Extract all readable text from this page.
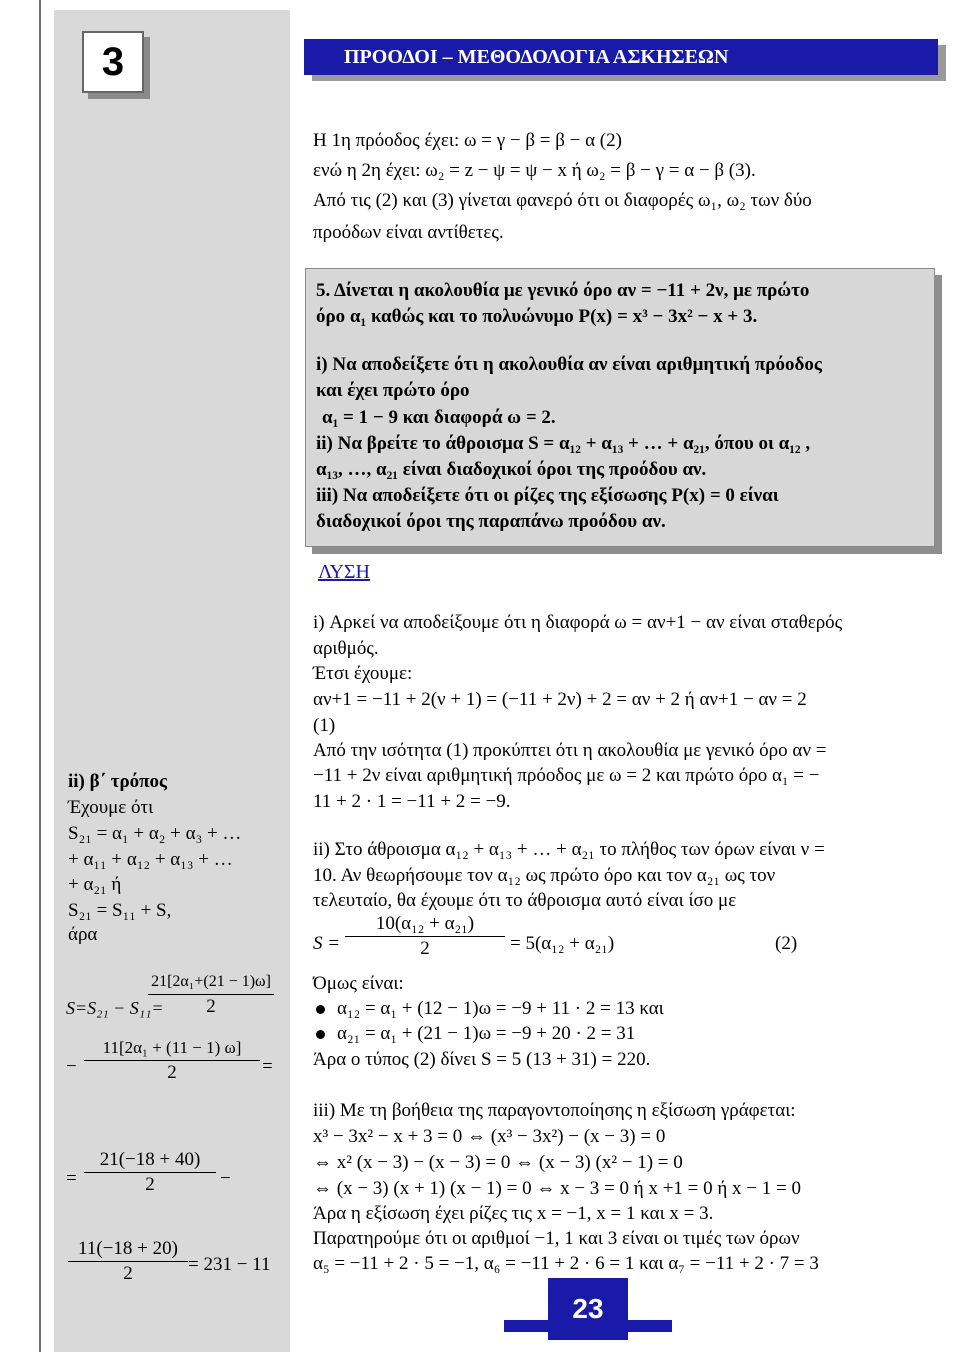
3	ΠΡΟΟΔΟΙ – ΜΕΘΟΔΟΛΟΓΙΑ ΑΣΚΗΣΕΩΝ
Η 1η πρόοδος έχει: ω = γ − β = β − α (2)
ενώ η 2η έχει: ω₂ = z − ψ = ψ − x ή ω₂ = β − γ = α − β (3).
Από τις (2) και (3) γίνεται φανερό ότι οι διαφορές ω₁, ω₂ των δύο
προόδων είναι αντίθετες.
5. Δίνεται η ακολουθία με γενικό όρο αν = −11 + 2ν, με πρώτο
όρο α₁ καθώς και το πολυώνυμο P(x) = x³ − 3x² − x + 3.
i) Να αποδείξετε ότι η ακολουθία αν είναι αριθμητική πρόοδος
και έχει πρώτο όρο
α₁ = 1 − 9 και διαφορά ω = 2.
ii) Να βρείτε το άθροισμα S = α₁₂ + α₁₃ + … + α₂₁, όπου οι α₁₂ ,
α₁₃, …, α₂₁ είναι διαδοχικοί όροι της προόδου αν.
iii) Να αποδείξετε ότι οι ρίζες της εξίσωσης P(x) = 0 είναι
διαδοχικοί όροι της παραπάνω προόδου αν.
ΛΥΣΗ
i) Αρκεί να αποδείξουμε ότι η διαφορά ω = αν+1 − αν είναι σταθερός
αριθμός.
Έτσι έχουμε:
αν+1 = −11 + 2(ν + 1) = (−11 + 2ν) + 2 = αν + 2 ή αν+1 − αν = 2
(1)
Από την ισότητα (1) προκύπτει ότι η ακολουθία με γενικό όρο αν =
−11 + 2ν είναι αριθμητική πρόοδος με ω = 2 και πρώτο όρο α₁ = −
11 + 2 · 1 = −11 + 2 = −9.
ii) Στο άθροισμα α₁₂ + α₁₃ + … + α₂₁ το πλήθος των όρων είναι ν =
10. Αν θεωρήσουμε τον α₁₂ ως πρώτο όρο και τον α₂₁ ως τον
τελευταίο, θα έχουμε ότι το άθροισμα αυτό είναι ίσο με
S =
10(α₁₂ + α₂₁)
2	= 5(α₁₂ + α₂₁)	(2)
Όμως είναι:
α₁₂ = α₁ + (12 − 1)ω = −9 + 11 · 2 = 13 και
α₂₁ = α₁ + (21 − 1)ω = −9 + 20 · 2 = 31
Άρα ο τύπος (2) δίνει S = 5 (13 + 31) = 220.
iii) Με τη βοήθεια της παραγοντοποίησης η εξίσωση γράφεται:
x³ − 3x² − x + 3 = 0 ⇔ (x³ − 3x²) − (x − 3) = 0
⇔ x² (x − 3) − (x − 3) = 0 ⇔ (x − 3) (x² − 1) = 0
⇔ (x − 3) (x + 1) (x − 1) = 0 ⇔ x − 3 = 0 ή x +1 = 0 ή x − 1 = 0
Άρα η εξίσωση έχει ρίζες τις x = −1, x = 1 και x = 3.
Παρατηρούμε ότι οι αριθμοί −1, 1 και 3 είναι οι τιμές των όρων
α₅ = −11 + 2 · 5 = −1, α₆ = −11 + 2 · 6 = 1 και α₇ = −11 + 2 · 7 = 3
ii) β΄ τρόπος
Έχουμε ότι
S₂₁ = α₁ + α₂ + α₃ + …
+ α₁₁ + α₁₂ + α₁₃ + …
+ α₂₁ ή
S₂₁ = S₁₁ + S,
άρα
S=S₂₁ − S₁₁=
21[2α₁+(21 − 1)ω]
2
−
11[2α₁ + (11 − 1) ω]
2	=
=
21(−18 + 40)
2	−
11(−18 + 20)
2	= 231 − 11
23
